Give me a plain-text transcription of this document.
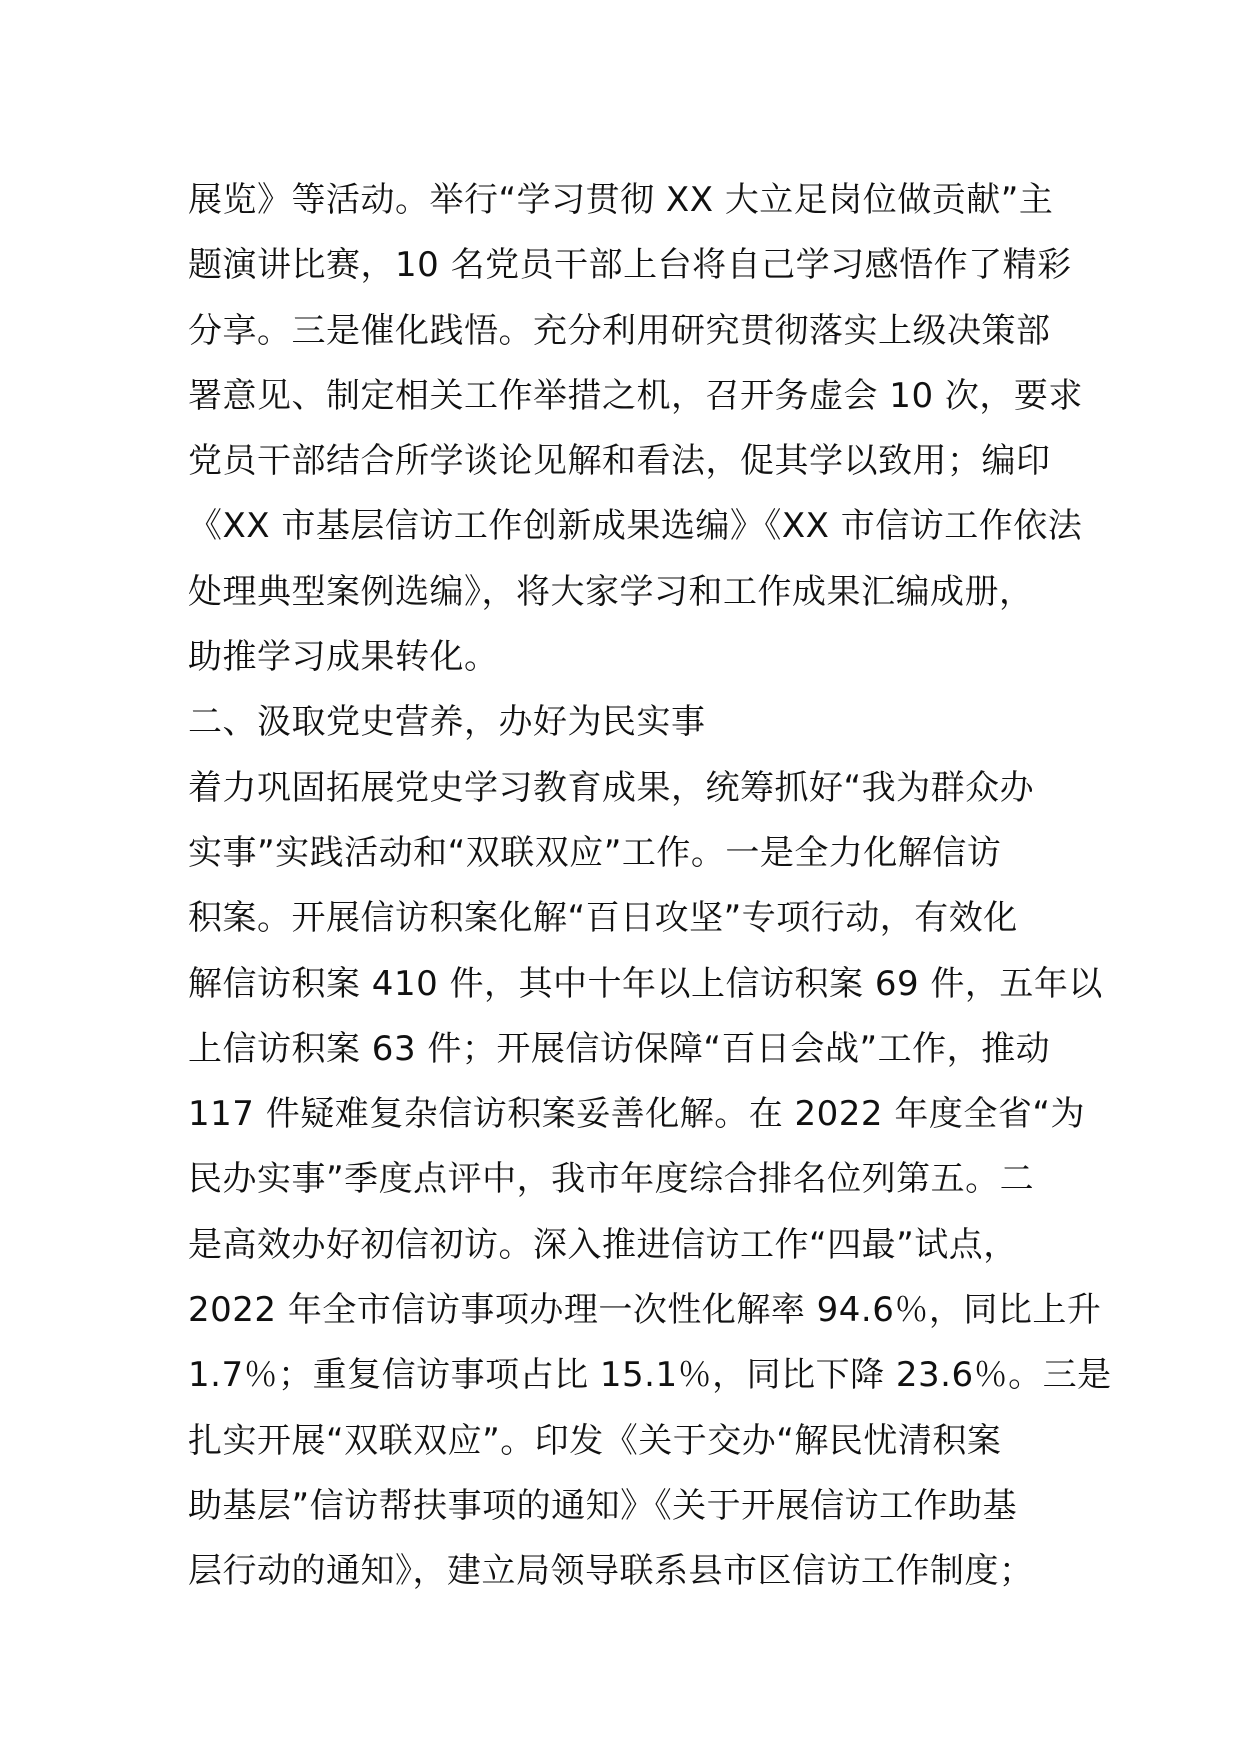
展览》等活动。举行“学习贯彻 XX 大立足岗位做贡献”主
题演讲比赛，10 名党员干部上台将自己学习感悟作了精彩
分享。三是催化践悟。充分利用研究贯彻落实上级决策部
署意见、制定相关工作举措之机，召开务虚会 10 次，要求
党员干部结合所学谈论见解和看法，促其学以致用；编印
《XX 市基层信访工作创新成果选编》《XX 市信访工作依法
处理典型案例选编》，将大家学习和工作成果汇编成册，
助推学习成果转化。
二、汲取党史营养，办好为民实事
着力巩固拓展党史学习教育成果，统筹抓好“我为群众办
实事”实践活动和“双联双应”工作。一是全力化解信访
积案。开展信访积案化解“百日攻坚”专项行动，有效化
解信访积案 410 件，其中十年以上信访积案 69 件，五年以
上信访积案 63 件；开展信访保障“百日会战”工作，推动
117 件疑难复杂信访积案妥善化解。在 2022 年度全省“为
民办实事”季度点评中，我市年度综合排名位列第五。二
是高效办好初信初访。深入推进信访工作“四最”试点，
2022 年全市信访事项办理一次性化解率 94.6％，同比上升
1.7％；重复信访事项占比 15.1％，同比下降 23.6％。三是
扎实开展“双联双应”。印发《关于交办“解民忧清积案
助基层”信访帮扶事项的通知》《关于开展信访工作助基
层行动的通知》，建立局领导联系县市区信访工作制度；
